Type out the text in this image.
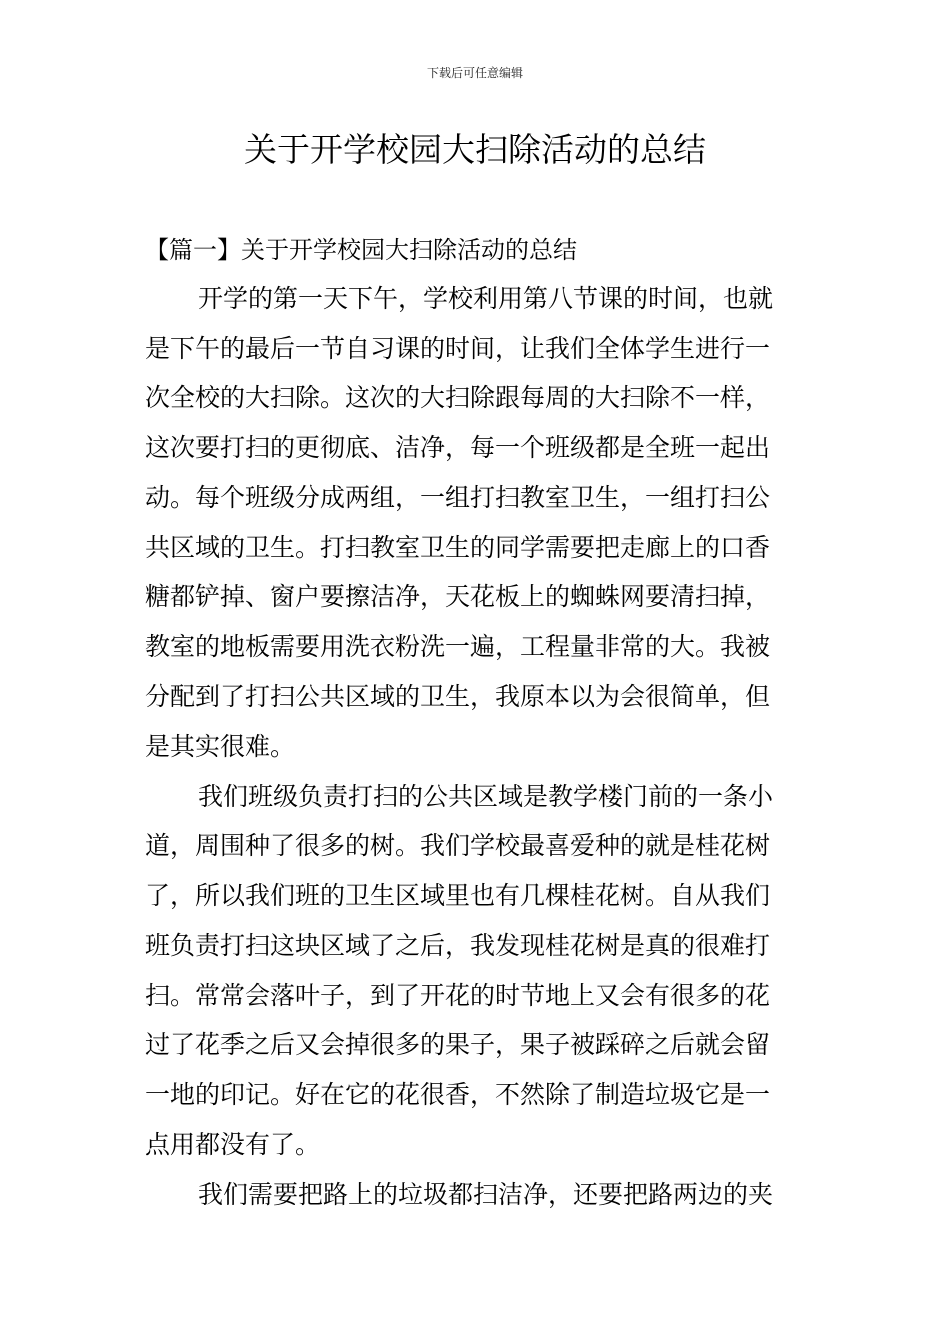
下载后可任意编辑
关于开学校园大扫除活动的总结
【篇一】关于开学校园大扫除活动的总结
开学的第一天下午，学校利用第八节课的时间，也就
是下午的最后一节自习课的时间，让我们全体学生进行一
次全校的大扫除。这次的大扫除跟每周的大扫除不一样，
这次要打扫的更彻底、洁净，每一个班级都是全班一起出
动。每个班级分成两组，一组打扫教室卫生，一组打扫公
共区域的卫生。打扫教室卫生的同学需要把走廊上的口香
糖都铲掉、窗户要擦洁净，天花板上的蜘蛛网要清扫掉，
教室的地板需要用洗衣粉洗一遍，工程量非常的大。我被
分配到了打扫公共区域的卫生，我原本以为会很简单，但
是其实很难。
我们班级负责打扫的公共区域是教学楼门前的一条小
道，周围种了很多的树。我们学校最喜爱种的就是桂花树
了，所以我们班的卫生区域里也有几棵桂花树。自从我们
班负责打扫这块区域了之后，我发现桂花树是真的很难打
扫。常常会落叶子，到了开花的时节地上又会有很多的花
过了花季之后又会掉很多的果子，果子被踩碎之后就会留
一地的印记。好在它的花很香，不然除了制造垃圾它是一
点用都没有了。
我们需要把路上的垃圾都扫洁净，还要把路两边的夹
